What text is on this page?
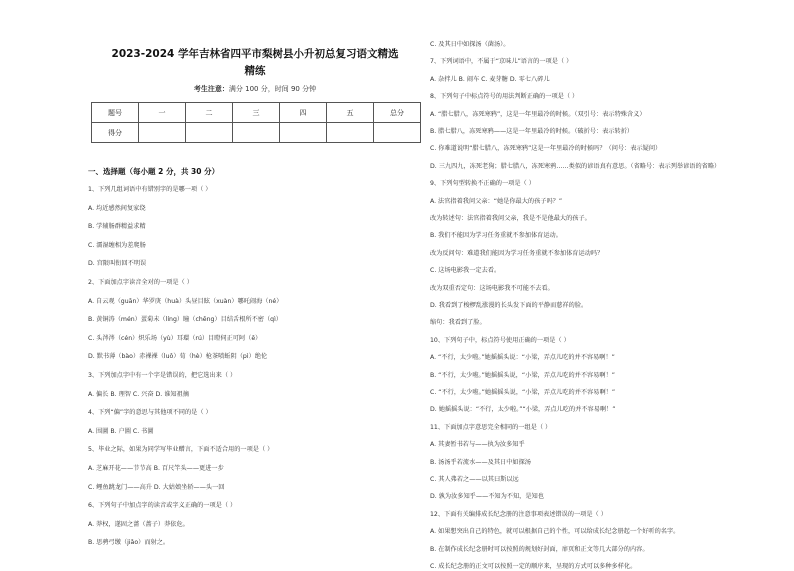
2023-2024 学年吉林省四平市梨树县小升初总复习语文精选
精练
考生注意：满分 100 分，时间 90 分钟
题号	一	二	三	四	五	总分
得分						
一、选择题（每小题 2 分，共 30 分）
1、下列几组词语中有错別字的是哪一项（ ）
A. 均近感然间复家绕
B. 学辅肠群精益求精
C. 濡湿缠相为差爬肠
D. 宫限叫衔回不明误
2、下面加点字读音全对的一项是（ ）
A. 自云观（guān）华罗庚（huà）头昼目眩（xuàn）哪吒闹海（né）
B. 黄铜涛（mén）蛋菊未（líng）瞳（chēng）目结舌根所不密（qì）
C. 头涔涔（cén）炽乐场（yù）耳環（rú）目瞪伺正可阿（ē）
D. 默书薄（bào）赤裸裸（luǒ）荀（hè）枪茶喷蚯阴（pì）绝伦
3、下列加点字中有一个字是错误的，把它选出来（ ）
A. 偏长 B. 理智 C. 兴奋 D. 谁知祖摘
4、下列“偏”字的意思与其他项不同的是（ ）
A. 围圖 B. 户圖 C. 书圖
5、毕业之际，如果为同学写毕业赠言，下面不适合用的一项是（ ）
A. 芝麻开花——节节高 B. 百尺竿头——更进一步
C. 鲤鱼跳龙门——高升 D. 大姑娘坐轿——头一回
6、下列句子中加点字的读音或字义正确的一项是（ ）
A. 莽权，遂固之蔷（蔷子）莽依危。
B. 思骋弓缴（jiǎo）而射之。
C. 及其日中如探汤（菌汤）。
7、下列词语中，不属于“京味儿”语言的一项是（ ）
A. 杂拌儿 B. 闹车 C. 麦芽糖 D. 零七八碎儿
8、下列句子中标点符号的用法判断正确的一项是（ ）
A. “腊七腊八，冻死寒鸦”，这是一年里最冷的时候。（双引号：表示特殊含义）
B. 腊七腊八，冻死寒鸦——这是一年里最冷的时候。（破折号：表示转折）
C. 你难道说明“腊七腊八，冻死寒鸦”这是一年里最冷的时候吗？（问号：表示疑问）
D. 三九四九，冻死老狗；腊七腊八，冻死寒鸦……类似的谚语真有意思。（省略号：表示列举谚语的省略）
9、下列句型转换不正确的一项是（ ）
A. 法官指着我问父亲：“她是你最大的孩子吗？”
改为转述句：法官指着我问父亲，我是不是他最大的孩子。
B. 我们不能因为学习任务重就不参加体育运动。
改为反问句：难道我们能因为学习任务重就不参加体育运动吗？
C. 这场电影我一定去看。
改为双重否定句：这场电影我不可能不去看。
D. 我看到了梭椤乱涨漫的长头发下面的平静而慈祥的脸。
缩句：我看到了脸。
10、下列句子中，标点符号使用正确的一项是（ ）
A. “不行，太少啦。”她摇摇头说：“小梁，弄点儿吃的并不容易啊！”
B. “不行，太少啦。”她摇摇头说，“小梁，弄点儿吃的并不容易啊！”
C. “不行，太少啦。”她摇摇头说，“小梁，弄点儿吃的并不容易啊！”
D. 她摇摇头说：“不行，太少啦。”“小梁，弄点儿吃的并不容易啊！”
11、下面加点字意思完全相同的一组是（ ）
A. 其妻暂书若与——执为汝多知乎
B. 汤汤乎若流水——及其日中如探汤
C. 其人弗若之——以其曰斯以远
D. 孰为汝多知乎——不知为不知，是知也
12、下面有关编排成长纪念册的注意事项表述错误的一项是（ ）
A. 如果想突出自己的特色，就可以根据自己的个性，可以给成长纪念册起一个好听的名字。
B. 在制作成长纪念册时可以按照的规划好封面，扉页和正文等几大部分的内容。
C. 成长纪念册的正文可以按照一定的顺序来，呈现的方式可以多种多样化。
